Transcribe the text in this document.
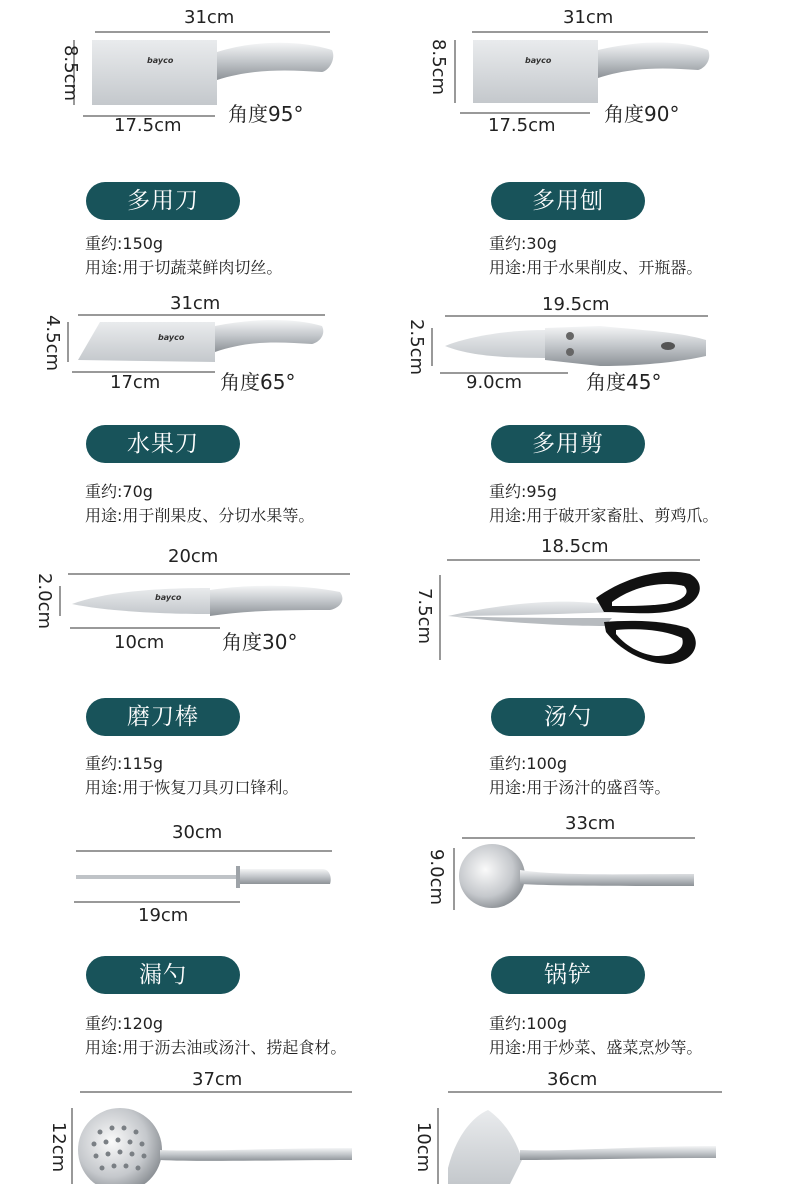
31cm
8.5cm
17.5cm 角度95°
bayco
31cm
8.5cm
17.5cm 角度90°
bayco
多用刀	多用刨
重约:150g
用途:用于切蔬菜鲜肉切丝。
重约:30g
用途:用于水果削皮、开瓶器。
31cm
4.5cm
17cm	角度65°
bayco
19.5cm
2.5cm
9.0cm	角度45°
水果刀	多用剪
重约:70g
用途:用于削果皮、分切水果等。
重约:95g
用途:用于破开家畜肚、剪鸡爪。
20cm
2.0cm
10cm	角度30°
bayco
18.5cm
7.5cm
磨刀棒	汤勺
重约:115g
用途:用于恢复刀具刃口锋利。
重约:100g
用途:用于汤汁的盛舀等。
30cm
19cm
33cm
9.0cm
漏勺	锅铲
重约:120g
用途:用于沥去油或汤汁、捞起食材。
重约:100g
用途:用于炒菜、盛菜烹炒等。
37cm
12cm
36cm
10cm
